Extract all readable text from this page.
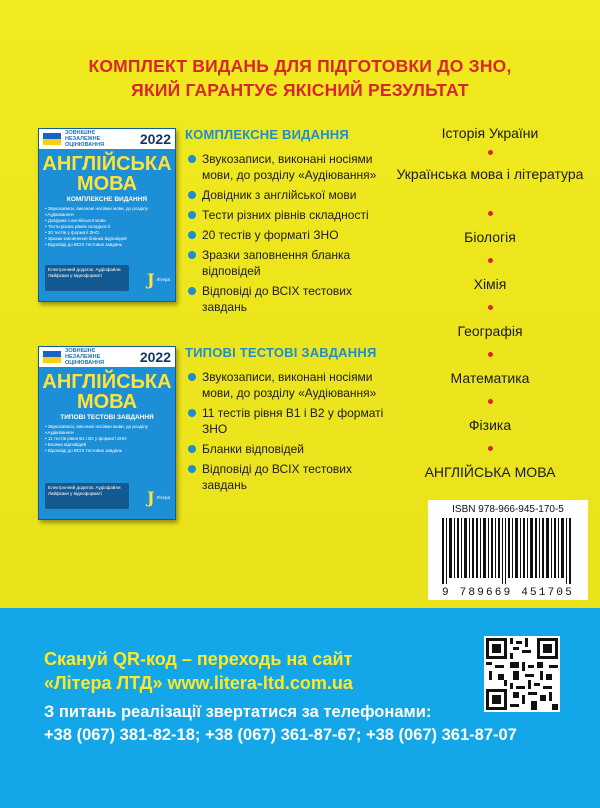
КОМПЛЕКТ ВИДАНЬ ДЛЯ ПІДГОТОВКИ ДО ЗНО,
ЯКИЙ ГАРАНТУЄ ЯКІСНИЙ РЕЗУЛЬТАТ
ЗОВНІШНЄ НЕЗАЛЕЖНЕ ОЦІНЮВАННЯ	2022
АНГЛІЙСЬКА
МОВА
КОМПЛЕКСНЕ ВИДАННЯ
• Звукозаписи, виконані носіями мови, до розділу «Аудіювання»
• Довідник з англійської мови
• Тести різних рівнів складності
• 20 тестів у форматі ЗНО
• Зразки заповнення бланка відповідей
• Відповіді до ВСІХ тестових завдань
Електронний додаток: Аудіофайли Лайфхаки у відеоформаті	J Літера
КОМПЛЕКСНЕ ВИДАННЯ
Звукозаписи, виконані носіями мови, до розділу «Аудіювання»
Довідник з англійської мови
Тести різних рівнів складності
20 тестів у форматі ЗНО
Зразки заповнення бланка відповідей
Відповіді до ВСІХ тестових завдань
ЗОВНІШНЄ НЕЗАЛЕЖНЕ ОЦІНЮВАННЯ	2022
АНГЛІЙСЬКА
МОВА
ТИПОВІ ТЕСТОВІ ЗАВДАННЯ
• Звукозаписи, виконані носіями мови, до розділу «Аудіювання»
• 11 тестів рівня В1 і В2 у форматі ЗНО
• Бланки відповідей
• Відповіді до ВСІХ тестових завдань
Електронний додаток: Аудіофайли Лайфхаки у відеоформаті	J Літера
ТИПОВІ ТЕСТОВІ ЗАВДАННЯ
Звукозаписи, виконані носіями мови, до розділу «Аудіювання»
11 тестів рівня В1 і В2 у форматі ЗНО
Бланки відповідей
Відповіді до ВСІХ тестових завдань
Історія України
Українська мова і література
Біологія
Хімія
Географія
Математика
Фізика
АНГЛІЙСЬКА МОВА
ISBN 978-966-945-170-5
9 789669 451705
Скануй QR-код – переходь на сайт
«Літера ЛТД» www.litera-ltd.com.ua
З питань реалізації звертатися за телефонами:
+38 (067) 381-82-18; +38 (067) 361-87-67; +38 (067) 361-87-07
